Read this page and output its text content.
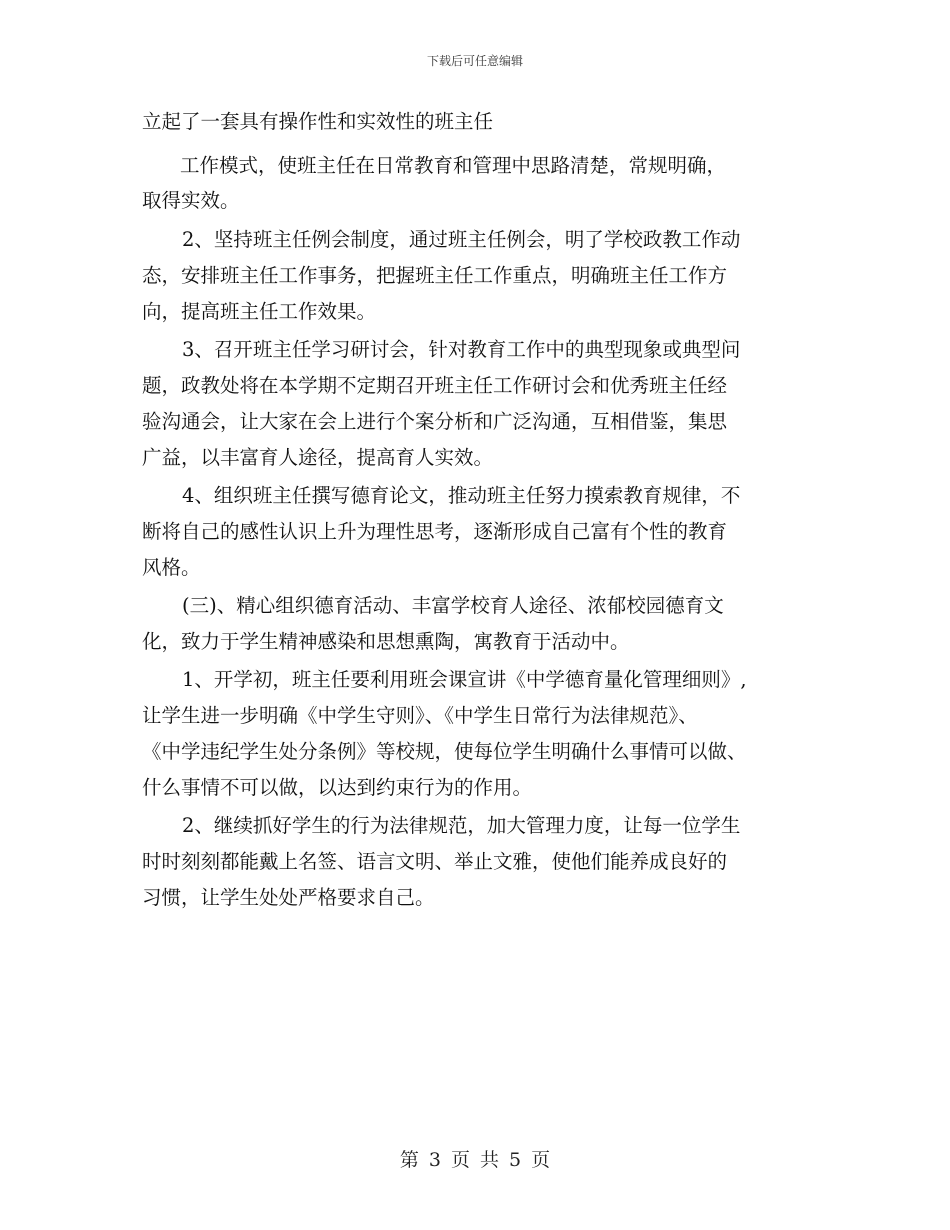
下载后可任意编辑
立起了一套具有操作性和实效性的班主任
工作模式，使班主任在日常教育和管理中思路清楚，常规明确，
取得实效。
2、坚持班主任例会制度，通过班主任例会，明了学校政教工作动
态，安排班主任工作事务，把握班主任工作重点，明确班主任工作方
向，提高班主任工作效果。
3、召开班主任学习研讨会，针对教育工作中的典型现象或典型问
题，政教处将在本学期不定期召开班主任工作研讨会和优秀班主任经
验沟通会，让大家在会上进行个案分析和广泛沟通，互相借鉴，集思
广益，以丰富育人途径，提高育人实效。
4、组织班主任撰写德育论文，推动班主任努力摸索教育规律，不
断将自己的感性认识上升为理性思考，逐渐形成自己富有个性的教育
风格。
(三)、精心组织德育活动、丰富学校育人途径、浓郁校园德育文
化，致力于学生精神感染和思想熏陶，寓教育于活动中。
1、开学初，班主任要利用班会课宣讲《中学德育量化管理细则》,
让学生进一步明确《中学生守则》、《中学生日常行为法律规范》、
《中学违纪学生处分条例》等校规，使每位学生明确什么事情可以做、
什么事情不可以做，以达到约束行为的作用。
2、继续抓好学生的行为法律规范，加大管理力度，让每一位学生
时时刻刻都能戴上名签、语言文明、举止文雅，使他们能养成良好的
习惯，让学生处处严格要求自己。
第 3 页 共 5 页
